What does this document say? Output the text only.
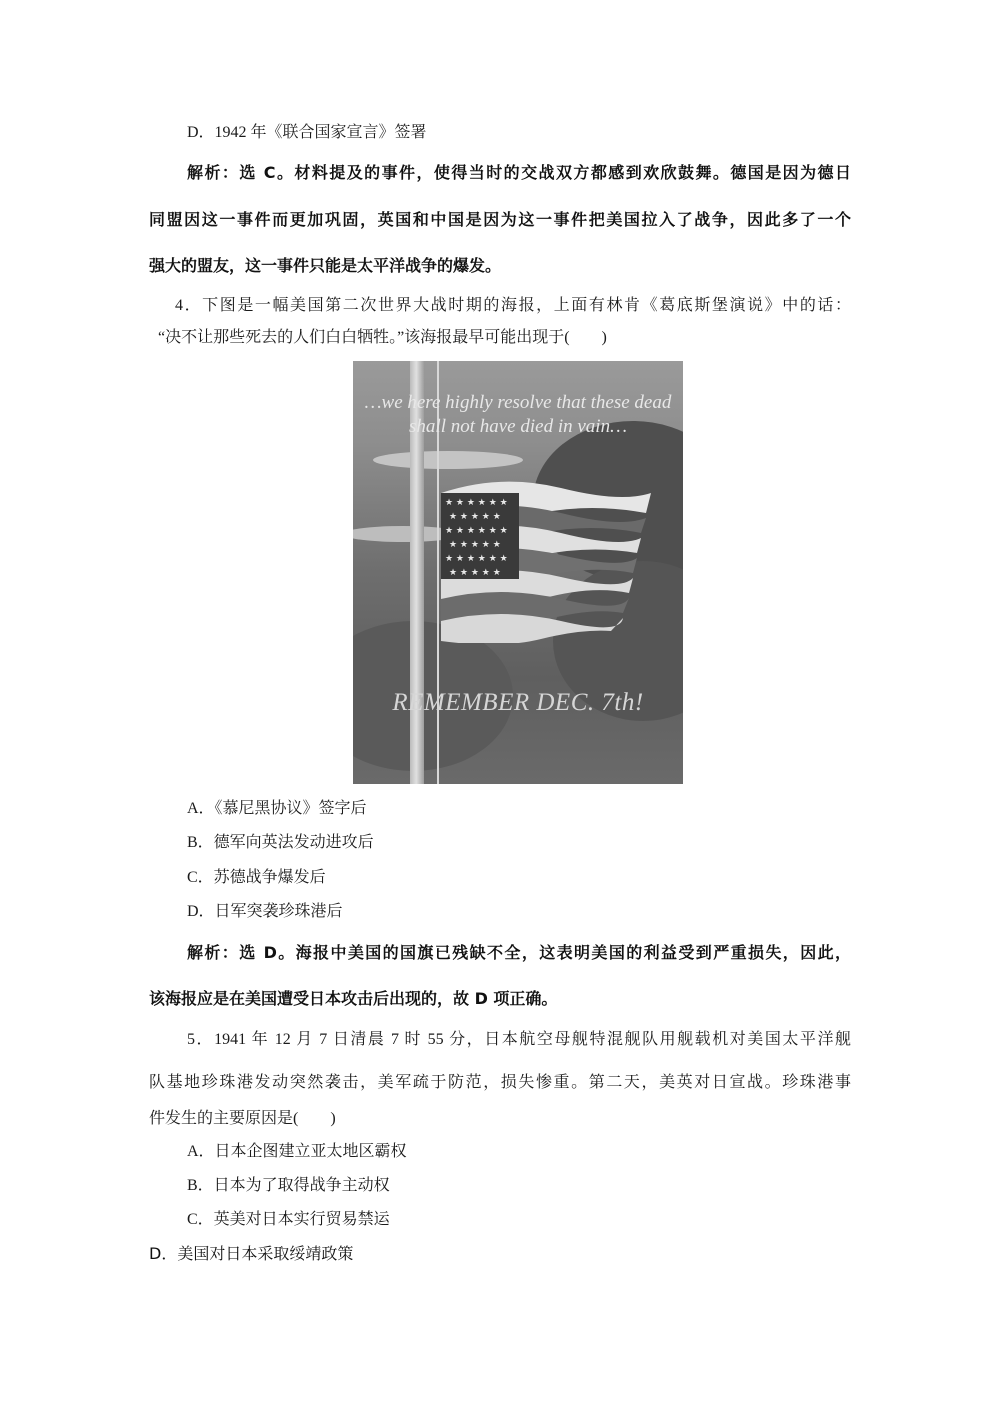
D．1942 年《联合国家宣言》签署
解析：选 C。材料提及的事件，使得当时的交战双方都感到欢欣鼓舞。德国是因为德日
同盟因这一事件而更加巩固，英国和中国是因为这一事件把美国拉入了战争，因此多了一个
强大的盟友，这一事件只能是太平洋战争的爆发。
4．下图是一幅美国第二次世界大战时期的海报，上面有林肯《葛底斯堡演说》中的话：
“决不让那些死去的人们白白牺牲。”该海报最早可能出现于(　　)
★ ★ ★ ★ ★ ★
★ ★ ★ ★ ★
★ ★ ★ ★ ★ ★
★ ★ ★ ★ ★
★ ★ ★ ★ ★ ★
★ ★ ★ ★ ★
…we here highly resolve that these dead
shall not have died in vain…
REMEMBER DEC. 7th!
A．《慕尼黑协议》签字后
B．德军向英法发动进攻后
C．苏德战争爆发后
D．日军突袭珍珠港后
解析：选 D。海报中美国的国旗已残缺不全，这表明美国的利益受到严重损失，因此，
该海报应是在美国遭受日本攻击后出现的，故 D 项正确。
5．1941 年 12 月 7 日清晨 7 时 55 分，日本航空母舰特混舰队用舰载机对美国太平洋舰
队基地珍珠港发动突然袭击，美军疏于防范，损失惨重。第二天，美英对日宣战。珍珠港事
件发生的主要原因是(　　)
A．日本企图建立亚太地区霸权
B．日本为了取得战争主动权
C．英美对日本实行贸易禁运
D．美国对日本采取绥靖政策
